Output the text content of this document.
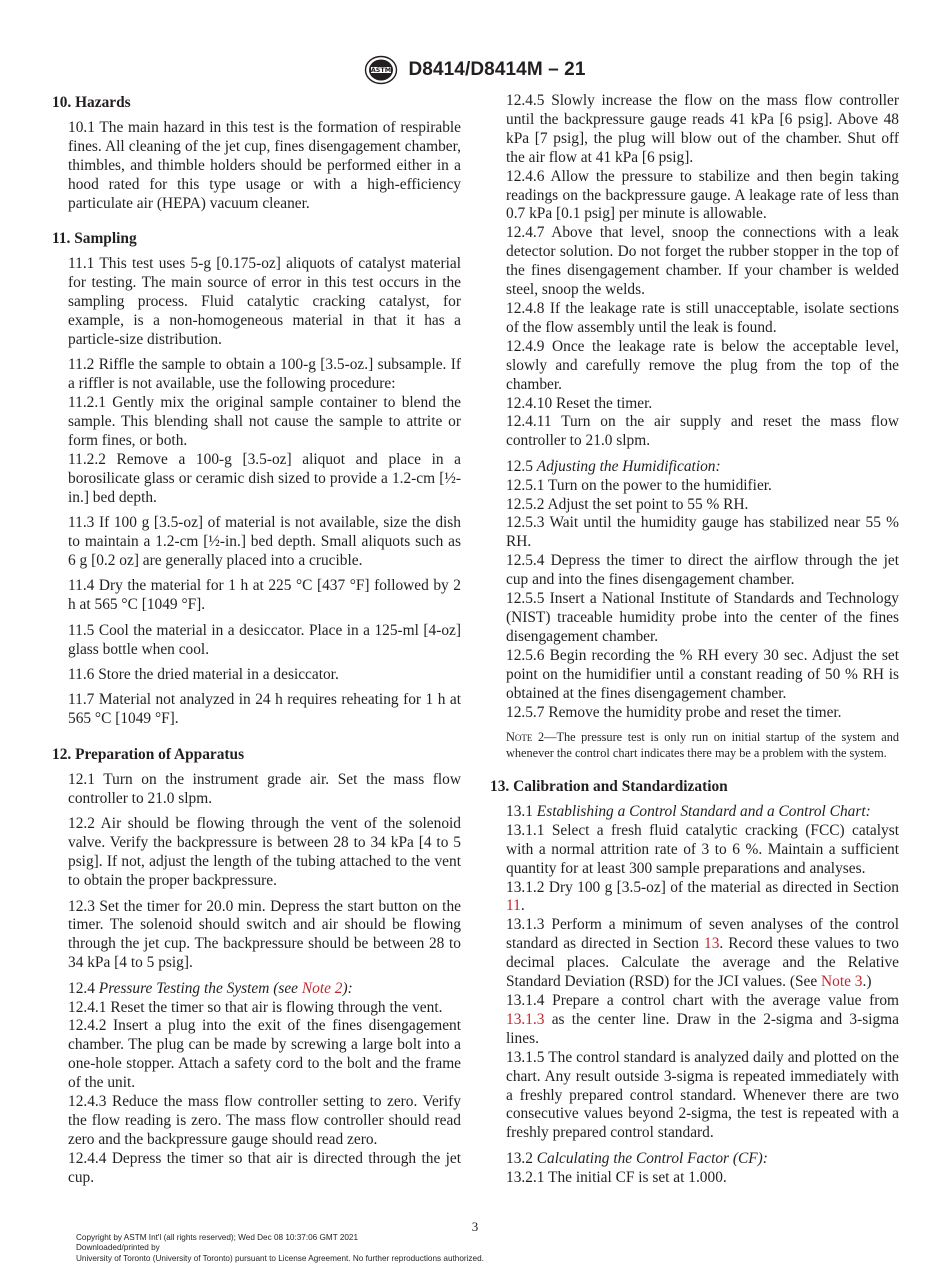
ASTM D8414/D8414M – 21
10. Hazards

10.1 The main hazard in this test is the formation of respirable fines. All cleaning of the jet cup, fines disengagement chamber, thimbles, and thimble holders should be performed either in a hood rated for this type usage or with a high-efficiency particulate air (HEPA) vacuum cleaner.

11. Sampling

11.1 This test uses 5-g [0.175-oz] aliquots of catalyst material for testing. The main source of error in this test occurs in the sampling process. Fluid catalytic cracking catalyst, for example, is a non-homogeneous material in that it has a particle-size distribution.

11.2 Riffle the sample to obtain a 100-g [3.5-oz.] subsample. If a riffler is not available, use the following procedure:

11.2.1 Gently mix the original sample container to blend the sample. This blending shall not cause the sample to attrite or form fines, or both.

11.2.2 Remove a 100-g [3.5-oz] aliquot and place in a borosilicate glass or ceramic dish sized to provide a 1.2-cm [½-in.] bed depth.

11.3 If 100 g [3.5-oz] of material is not available, size the dish to maintain a 1.2-cm [½-in.] bed depth. Small aliquots such as 6 g [0.2 oz] are generally placed into a crucible.

11.4 Dry the material for 1 h at 225 °C [437 °F] followed by 2 h at 565 °C [1049 °F].

11.5 Cool the material in a desiccator. Place in a 125-ml [4-oz] glass bottle when cool.

11.6 Store the dried material in a desiccator.

11.7 Material not analyzed in 24 h requires reheating for 1 h at 565 °C [1049 °F].

12. Preparation of Apparatus

12.1 Turn on the instrument grade air. Set the mass flow controller to 21.0 slpm.

12.2 Air should be flowing through the vent of the solenoid valve. Verify the backpressure is between 28 to 34 kPa [4 to 5 psig]. If not, adjust the length of the tubing attached to the vent to obtain the proper backpressure.

12.3 Set the timer for 20.0 min. Depress the start button on the timer. The solenoid should switch and air should be flowing through the jet cup. The backpressure should be between 28 to 34 kPa [4 to 5 psig].

12.4 Pressure Testing the System (see Note 2):

12.4.1 Reset the timer so that air is flowing through the vent.

12.4.2 Insert a plug into the exit of the fines disengagement chamber. The plug can be made by screwing a large bolt into a one-hole stopper. Attach a safety cord to the bolt and the frame of the unit.

12.4.3 Reduce the mass flow controller setting to zero. Verify the flow reading is zero. The mass flow controller should read zero and the backpressure gauge should read zero.

12.4.4 Depress the timer so that air is directed through the jet cup.

12.4.5 Slowly increase the flow on the mass flow controller until the backpressure gauge reads 41 kPa [6 psig]. Above 48 kPa [7 psig], the plug will blow out of the chamber. Shut off the air flow at 41 kPa [6 psig].

12.4.6 Allow the pressure to stabilize and then begin taking readings on the backpressure gauge. A leakage rate of less than 0.7 kPa [0.1 psig] per minute is allowable.

12.4.7 Above that level, snoop the connections with a leak detector solution. Do not forget the rubber stopper in the top of the fines disengagement chamber. If your chamber is welded steel, snoop the welds.

12.4.8 If the leakage rate is still unacceptable, isolate sections of the flow assembly until the leak is found.

12.4.9 Once the leakage rate is below the acceptable level, slowly and carefully remove the plug from the top of the chamber.

12.4.10 Reset the timer.

12.4.11 Turn on the air supply and reset the mass flow controller to 21.0 slpm.

12.5 Adjusting the Humidification:

12.5.1 Turn on the power to the humidifier.

12.5.2 Adjust the set point to 55 % RH.

12.5.3 Wait until the humidity gauge has stabilized near 55 % RH.

12.5.4 Depress the timer to direct the airflow through the jet cup and into the fines disengagement chamber.

12.5.5 Insert a National Institute of Standards and Technology (NIST) traceable humidity probe into the center of the fines disengagement chamber.

12.5.6 Begin recording the % RH every 30 sec. Adjust the set point on the humidifier until a constant reading of 50 % RH is obtained at the fines disengagement chamber.

12.5.7 Remove the humidity probe and reset the timer.

Note 2—The pressure test is only run on initial startup of the system and whenever the control chart indicates there may be a problem with the system.

13. Calibration and Standardization

13.1 Establishing a Control Standard and a Control Chart:

13.1.1 Select a fresh fluid catalytic cracking (FCC) catalyst with a normal attrition rate of 3 to 6 %. Maintain a sufficient quantity for at least 300 sample preparations and analyses.

13.1.2 Dry 100 g [3.5-oz] of the material as directed in Section 11.

13.1.3 Perform a minimum of seven analyses of the control standard as directed in Section 13. Record these values to two decimal places. Calculate the average and the Relative Standard Deviation (RSD) for the JCI values. (See Note 3.)

13.1.4 Prepare a control chart with the average value from 13.1.3 as the center line. Draw in the 2-sigma and 3-sigma lines.

13.1.5 The control standard is analyzed daily and plotted on the chart. Any result outside 3-sigma is repeated immediately with a freshly prepared control standard. Whenever there are two consecutive values beyond 2-sigma, the test is repeated with a freshly prepared control standard.

13.2 Calculating the Control Factor (CF):

13.2.1 The initial CF is set at 1.000.

3
Copyright by ASTM Int'l (all rights reserved); Wed Dec 08 10:37:06 GMT 2021
Downloaded/printed by
University of Toronto (University of Toronto) pursuant to License Agreement. No further reproductions authorized.
